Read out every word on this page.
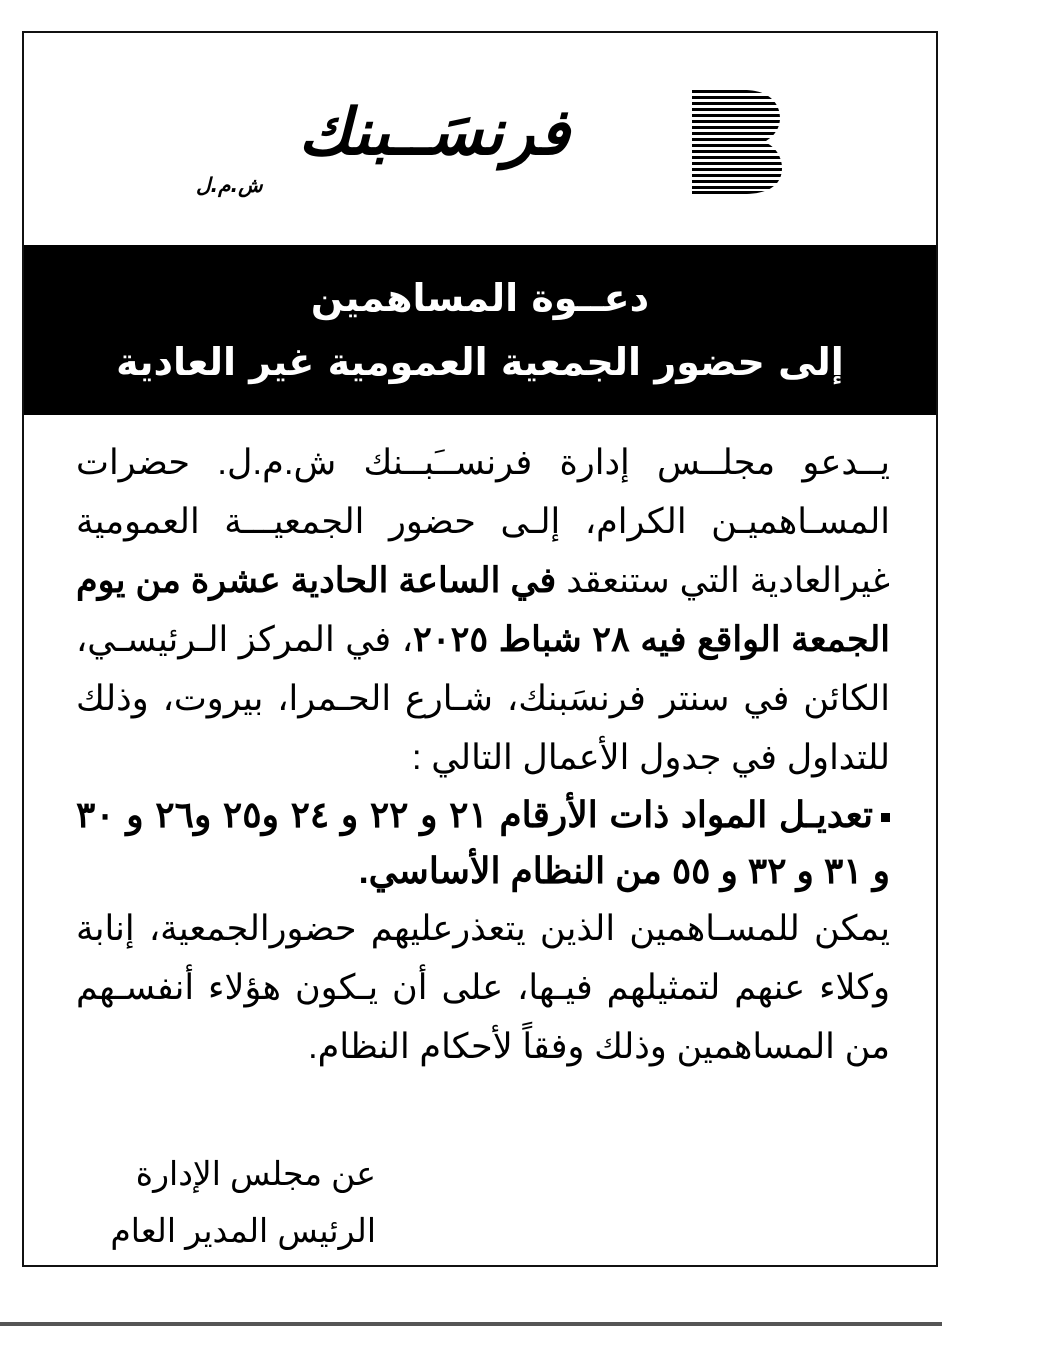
فرنسَــبنك
ش.م.ل
دعــوة المساهمين
إلى حضور الجمعية العمومية غير العادية

يــدعو مجلــس إدارة فرنســَبــنك ش.م.ل. حضرات المسـاهميـن الكرام، إلـى حضور الجمعيـــة العمومية غيرالعادية التي ستنعقد في الساعة الحادية عشرة من يوم الجمعة الواقع فيه ٢٨ شباط ٢٠٢٥، في المركز الـرئيسـي، الكائن في سنتر فرنسَبنك، شـارع الحـمرا، بيروت، وذلك للتداول في جدول الأعمال التالي :

تعديـل المواد ذات الأرقام ٢١ و ٢٢ و ٢٤ و٢٥ و٢٦ و ٣٠ و ٣١ و ٣٢ و ٥٥ من النظام الأساسي.

يمكن للمسـاهمين الذين يتعذرعليهم حضورالجمعية، إنابة وكلاء عنهم لتمثيلهم فيـها، على أن يـكون هؤلاء أنفسـهم من المساهمين وذلك وفقاً لأحكام النظام.

عن مجلس الإدارة
الرئيس المدير العام
